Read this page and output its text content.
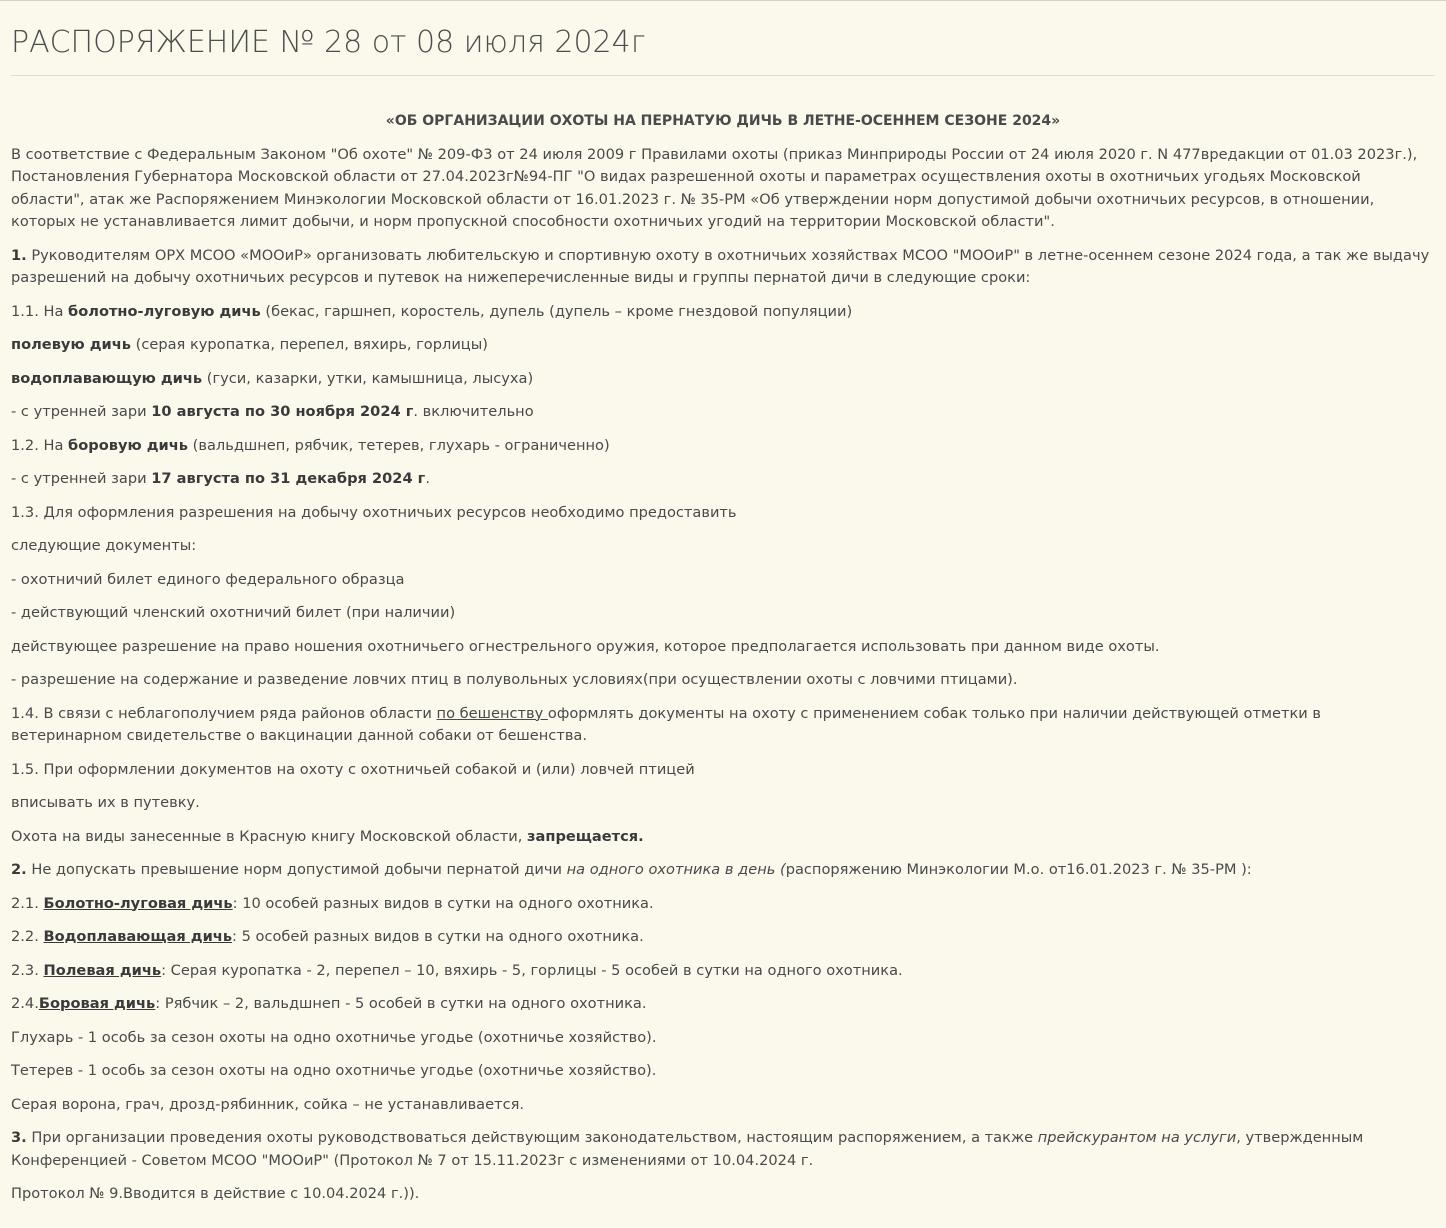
РАСПОРЯЖЕНИЕ № 28 от 08 июля 2024г
«ОБ ОРГАНИЗАЦИИ ОХОТЫ НА ПЕРНАТУЮ ДИЧЬ В ЛЕТНЕ-ОСЕННЕМ СЕЗОНЕ 2024»
В соответствие с Федеральным Законом "Об охоте" № 209-Ф3 от 24 июля 2009 г Правилами охоты (приказ Минприроды России от 24 июля 2020 г. N 477вредакции от 01.03 2023г.), Постановления Губернатора Московской области от 27.04.2023г№94-ПГ "О видах разрешенной охоты и параметрах осуществления охоты в охотничьих угодьях Московской области", атак же Распоряжением Минэкологии Московской области от 16.01.2023 г. № 35-РМ «Об утверждении норм допустимой добычи охотничьих ресурсов, в отношении, которых не устанавливается лимит добычи, и норм пропускной способности охотничьих угодий на территории Московской области".
1. Руководителям ОРХ МСОО «МООиР» организовать любительскую и спортивную охоту в охотничьих хозяйствах МСОО "МООиР" в летне-осеннем сезоне 2024 года, а так же выдачу разрешений на добычу охотничьих ресурсов и путевок на нижеперечисленные виды и группы пернатой дичи в следующие сроки:
1.1. На болотно-луговую дичь (бекас, гаршнеп, коростель, дупель (дупель – кроме гнездовой популяции)
полевую дичь (серая куропатка, перепел, вяхирь, горлицы)
водоплавающую дичь (гуси, казарки, утки, камышница, лысуха)
- с утренней зари 10 августа по 30 ноября 2024 г. включительно
1.2. На боровую дичь (вальдшнеп, рябчик, тетерев, глухарь - ограниченно)
- с утренней зари 17 августа по 31 декабря 2024 г.
1.3. Для оформления разрешения на добычу охотничьих ресурсов необходимо предоставить
следующие документы:
- охотничий билет единого федерального образца
- действующий членский охотничий билет (при наличии)
действующее разрешение на право ношения охотничьего огнестрельного оружия, которое предполагается использовать при данном виде охоты.
- разрешение на содержание и разведение ловчих птиц в полувольных условиях(при осуществлении охоты с ловчими птицами).
1.4. В связи с неблагополучием ряда районов области по бешенству оформлять документы на охоту с применением собак только при наличии действующей отметки в ветеринарном свидетельстве о вакцинации данной собаки от бешенства.
1.5. При оформлении документов на охоту с охотничьей собакой и (или) ловчей птицей
вписывать их в путевку.
Охота на виды занесенные в Красную книгу Московской области, запрещается.
2. Не допускать превышение норм допустимой добычи пернатой дичи на одного охотника в день (распоряжению Минэкологии М.о. от16.01.2023 г. № 35-РМ ):
2.1. Болотно-луговая дичь: 10 особей разных видов в сутки на одного охотника.
2.2. Водоплавающая дичь: 5 особей разных видов в сутки на одного охотника.
2.3. Полевая дичь: Серая куропатка - 2, перепел – 10, вяхирь - 5, горлицы - 5 особей в сутки на одного охотника.
2.4.Боровая дичь: Рябчик – 2, вальдшнеп - 5 особей в сутки на одного охотника.
Глухарь - 1 особь за сезон охоты на одно охотничье угодье (охотничье хозяйство).
Тетерев - 1 особь за сезон охоты на одно охотничье угодье (охотничье хозяйство).
Серая ворона, грач, дрозд-рябинник, сойка – не устанавливается.
3. При организации проведения охоты руководствоваться действующим законодательством, настоящим распоряжением, а также прейскурантом на услуги, утвержденным Конференцией - Советом МСОО "МООиР" (Протокол № 7 от 15.11.2023г с изменениями от 10.04.2024 г.
Протокол № 9.Вводится в действие с 10.04.2024 г.)).
